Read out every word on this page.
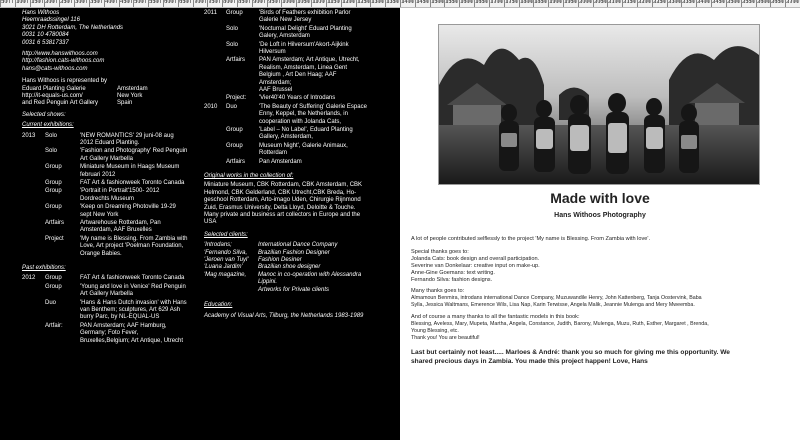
50 100 150 200 250 300 350 400 450 500 550 600 650 700 750 800 850 900 950 1000 1050 1100 1150 1200 1250 1300 1350 1400 1450 1500 1550 1600 1650 1700 1750 1800 1850 1900 1950 2000 2050 2100 2150 2200 2250 2300 2350 2400 2450 2500 2550 2600 2650 2700
Hans Withoos
Heemraadssingel 116
3021 DH Rotterdam, The Netherlands
0031 10 4780084
0031 6 53817337
http://www.hanswithoos.com
http://fashion.cats-withoos.com
hans@cats-withoos.com
Hans Withoos is represented by
Eduard Planting Galerie	Amsterdam
http://it-equals-us.com/	New York
and Red Penguin Art Gallery	Spain
Selected shows:
Current exhibitions:
2013 Solo	'NEW ROMANTICS' 29 juni-08 aug
2012 Eduard Planting.
Solo	'Fashion and Photography' Red Penguin
Art Gallery Marbella
Group	Miniature Museum in Haags Museum
februari 2012
Group	FAT Art & fashionweek Toronto Canada
Group	'Portrait in Portrait'1500- 2012
Dordrechts Museum
Group	'Keep on Dreaming Photoville 19-29
sept New York
Artfairs	Artwarehouse Rotterdam, Pan
Amsterdam, AAF Bruxelles
Project	'My name is Blessing. From Zambia with
Love, Art project 'Poelman Foundation,
Orange Babies.
Past exhibitions:
2012 Group	FAT Art & fashionweek Toronto Canada
Group	'Young and love in Venice' Red Penguin
Art Gallery Marbella
Duo	'Hans & Hans Dutch invasion' with Hans
van Benthem; sculptures, Art 629 Ash
burry Parc, by NL-EQUAL-US
Artfair:	PAN Amsterdam; AAF Hamburg,
Germany; Foto Fever,
Bruxelles,Belgium; Art Antique, Utrecht
2011 Group	'Birds of Feathers exhibition Parlor
Galerie New Jersey
Solo	'Nocturnal Delight' Eduard Planting
Galery, Amsterdam
Solo	'De Loft in Hilversum'Akort-Aijkink
Hilversum
Artfairs PAN Amsterdam; Art Antique, Utrecht,
Realism, Amsterdam, Linea Gent
Belgium , Art Den Haag; AAF
Amsterdam;
AAF Brussel
Project: 'Vier40'40 Years of Introdans
2010 Duo	'The Beauty of Suffering' Galerie Espace
Enny, Keppel, the Netherlands, in
cooperation with Jolanda Cats,
Group	'Label – No Label', Eduard Planting
Gallery, Amsterdam,
Group	Museum Night', Galerie Animaux,
Rotterdam
Artfairs Pan Amsterdam
Original works in the collection of:
Miniature Museum, CBK Rotterdam, CBK Amsterdam, CBK
Helmond, CBK Gelderland, CBK Utrecht,CBK Breda, Ho-
geschool Rotterdam, Arto-imago Uden, Chirurgie Rijnmond
Zuid, Erasmus University, Delta Lloyd, Deloitte & Touche.
Many private and business art collectors in Europe and the
USA
Selected clients:
'Introdans;	International Dance Company
'Fernando Silva, Brazilian Fashion Designer
'Jeroen van Tuyl' Fashion Desiner
'Luana Jardim'	Brazilian shoe designer
'Mag magazine, Manoc in co-operation with Alessandra
Lippini.
Artworks for Private clients
Education:
Academy of Visual Arts, Tilburg, the Netherlands 1983-1989
Made with love
Hans Withoos Photography
A lot of people contributed selflessly to the project 'My name is Blessing. From Zambia with love'.
Special thanks goes to:
Jolanda Cats: book design and overall participation.
Severine van Donkelaar: creative input on make-up.
Anne-Gine Goemans: text writing.
Fernando Silva: fashion designs.
Many thanks goes to:
Almamoun Benmira, introdans international Dance Company, Muzuwandile Henry, John Kattenberg, Tanja Oostervink, Baba
Sylla, Jessica Waltmans, Emerence Wils, Lisa Nap, Karin Terwisse, Angela Malik, Jeannie Mulenga and Mery Mweemba.
And of course a many thanks to all the fantastic models in this book:
Blessing, Aveless, Mary, Mupeta, Martha, Angela, Constance, Judith, Barony, Mulenga, Muzu, Ruth, Esther, Margaret , Brenda,
Young Blessing, etc.
Thank you! You are beautiful!
Last but certainly not least..... Marloes & André: thank you so much for giving me this opportunity. We
shared precious days in Zambia. You made this project happen! Love, Hans
